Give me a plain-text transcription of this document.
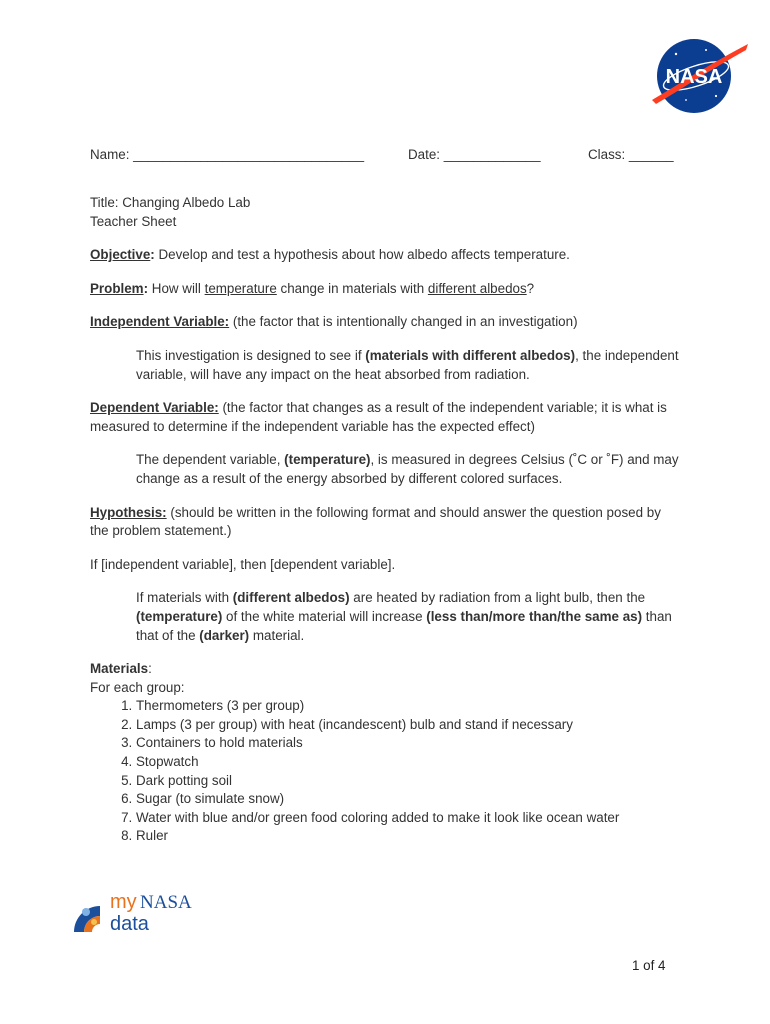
NASA
Name: _______________________________	Date: _____________	Class: ______

Title: Changing Albedo Lab

Teacher Sheet

Objective: Develop and test a hypothesis about how albedo affects temperature.

Problem: How will temperature change in materials with different albedos?

Independent Variable: (the factor that is intentionally changed in an investigation)

This investigation is designed to see if (materials with different albedos), the independent variable, will have any impact on the heat absorbed from radiation.

Dependent Variable: (the factor that changes as a result of the independent variable; it is what is measured to determine if the independent variable has the expected effect)

The dependent variable, (temperature), is measured in degrees Celsius (˚C or ˚F) and may change as a result of the energy absorbed by different colored surfaces.

Hypothesis: (should be written in the following format and should answer the question posed by the problem statement.)

If [independent variable], then [dependent variable].

If materials with (different albedos) are heated by radiation from a light bulb, then the (temperature) of the white material will increase (less than/more than/the same as) than that of the (darker) material.

Materials:

For each group:

1. Thermometers (3 per group)
2. Lamps (3 per group) with heat (incandescent) bulb and stand if necessary
3. Containers to hold materials
4. Stopwatch
5. Dark potting soil
6. Sugar (to simulate snow)
7. Water with blue and/or green food coloring added to make it look like ocean water
8. Ruler
my NASA
data
1 of 4
